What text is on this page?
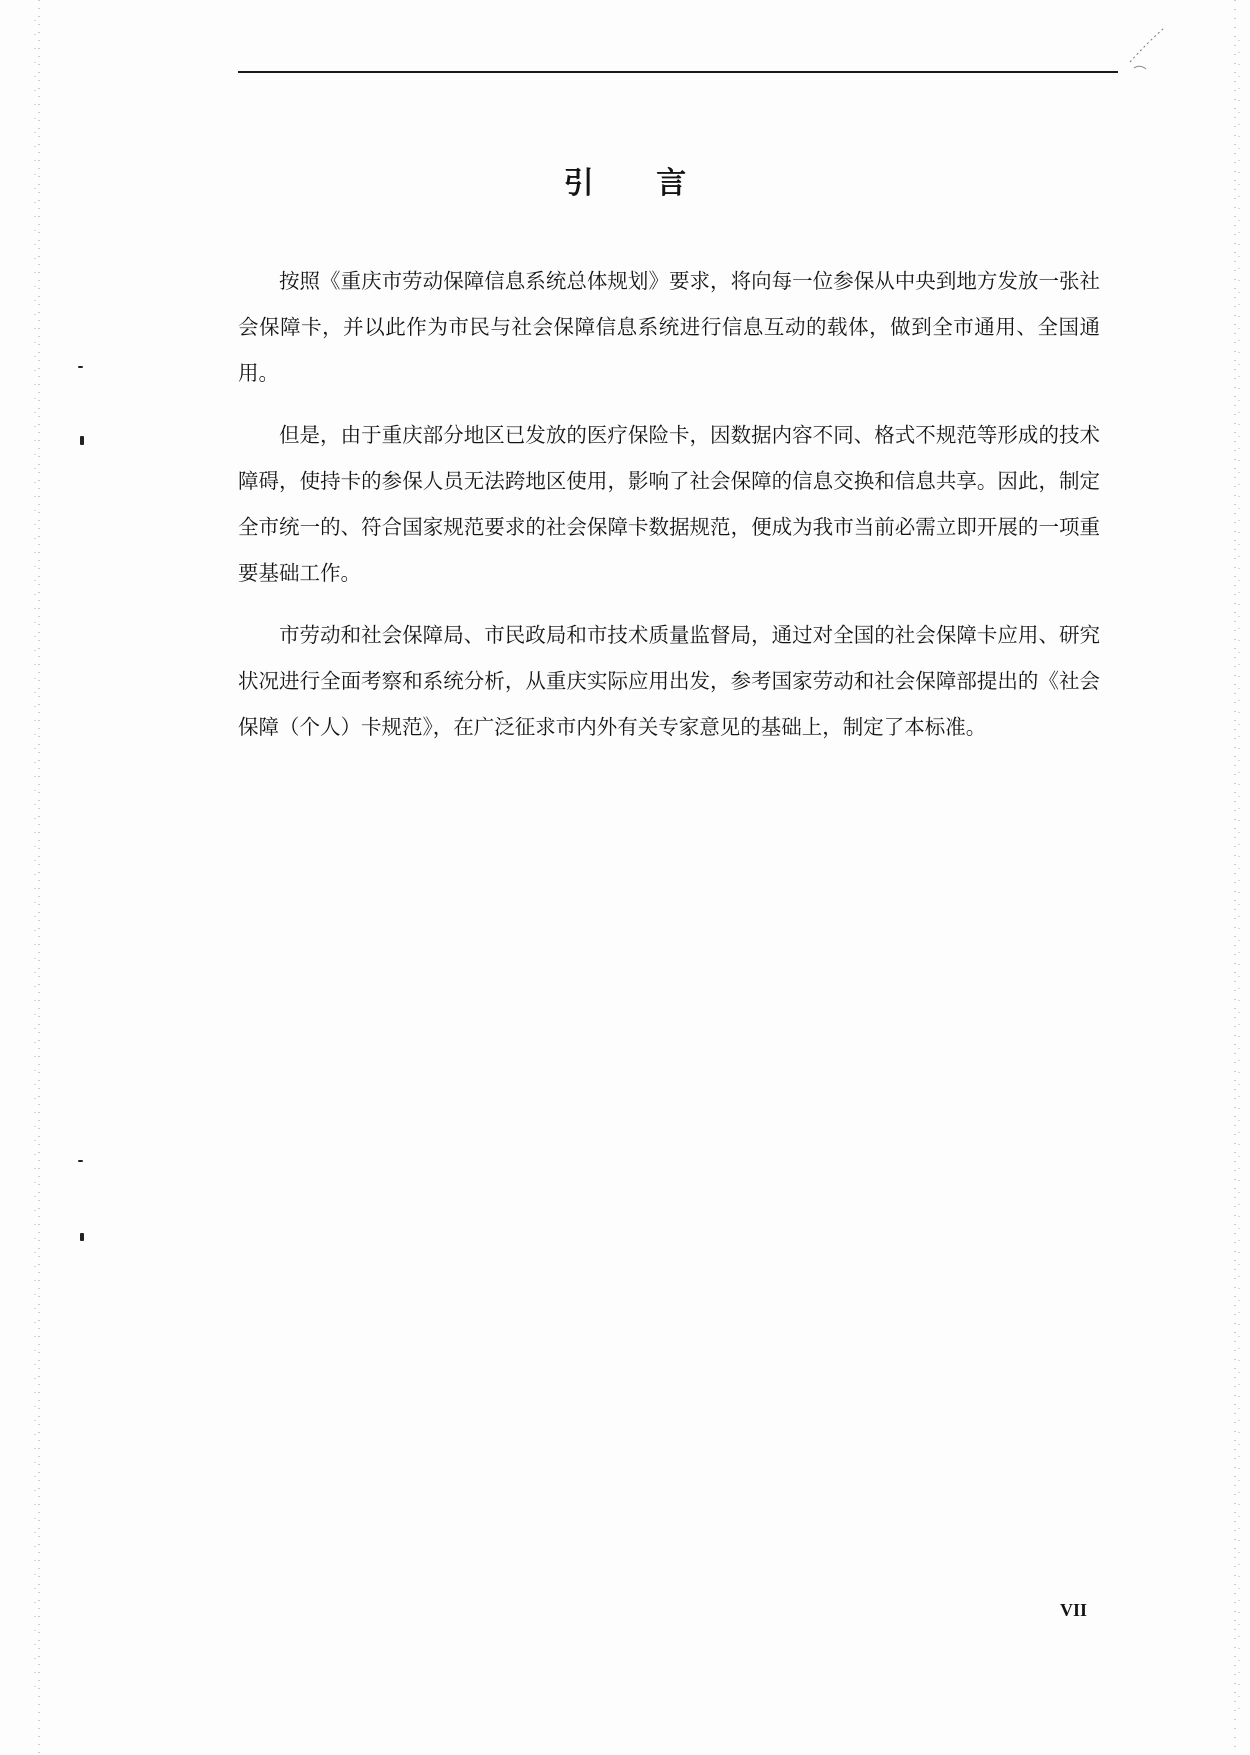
引 言

按照《重庆市劳动保障信息系统总体规划》要求，将向每一位参保从中央到地方发放一张社会保障卡，并以此作为市民与社会保障信息系统进行信息互动的载体，做到全市通用、全国通用。

但是，由于重庆部分地区已发放的医疗保险卡，因数据内容不同、格式不规范等形成的技术障碍，使持卡的参保人员无法跨地区使用，影响了社会保障的信息交换和信息共享。因此，制定全市统一的、符合国家规范要求的社会保障卡数据规范，便成为我市当前必需立即开展的一项重要基础工作。

市劳动和社会保障局、市民政局和市技术质量监督局，通过对全国的社会保障卡应用、研究状况进行全面考察和系统分析，从重庆实际应用出发，参考国家劳动和社会保障部提出的《社会保障（个人）卡规范》，在广泛征求市内外有关专家意见的基础上，制定了本标准。

VII
